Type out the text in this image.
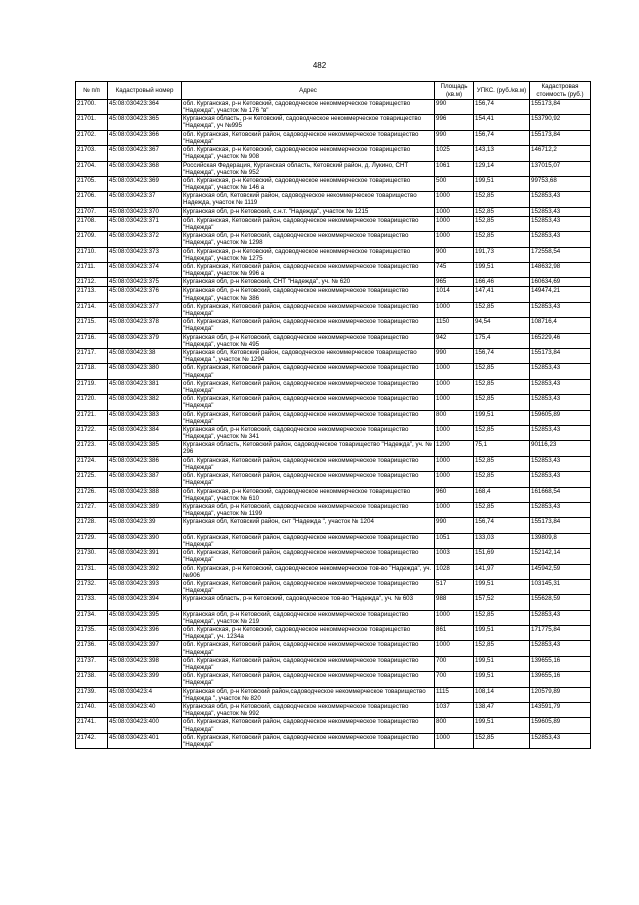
482
№ п/п	Кадастровый номер	Адрес	Площадь (кв.м)	УПКС. (руб./кв.м)	Кадастровая стоимость (руб.)
21700.	45:08:030423:364	обл. Курганская, р-н Кетовский, садоводческое некоммерческое товарищество "Надежда", участок № 176 "в"	990	156,74	155173,84
21701.	45:08:030423:365	Курганская область, р-н Кетовский, садоводческое некоммерческое товарищество "Надежда", уч №995	996	154,41	153790,92
21702.	45:08:030423:366	обл. Курганская, Кетовский район, садоводческое некоммерческое товарищество "Надежда"	990	156,74	155173,84
21703.	45:08:030423:367	обл. Курганская, р-н Кетовский, садоводческое некоммерческое товарищество "Надежда", участок № 908	1025	143,13	146712,2
21704.	45:08:030423:368	Российская Федерация, Курганская область, Кетовский район, д. Лукино, СНТ "Надежда", участок № 952	1061	129,14	137015,07
21705.	45:08:030423:369	обл. Курганская, р-н Кетовский, садоводческое некоммерческое товарищество "Надежда", участок № 146 а	500	199,51	99753,68
21706.	45:08:030423:37	Курганская обл, Кетовский район, садоводческое некоммерческое товарищество Надежда, участок № 1119	1000	152,85	152853,43
21707.	45:08:030423:370	Курганская обл, р-н Кетовский, с.н.т. "Надежда", участок № 1215	1000	152,85	152853,43
21708.	45:08:030423:371	обл. Курганская, Кетовский район, садоводческое некоммерческое товарищество "Надежда"	1000	152,85	152853,43
21709.	45:08:030423:372	Курганская обл, р-н Кетовский, садоводческое некоммерческое товарищество "Надежда", участок № 1298	1000	152,85	152853,43
21710.	45:08:030423:373	обл. Курганская, р-н Кетовский, садоводческое некоммерческое товарищество "Надежда", участок № 1275	900	191,73	172558,54
21711.	45:08:030423:374	обл. Курганская, Кетовский район, садоводческое некоммерческое товарищество "Надежда", участок № 996 а	745	199,51	148632,98
21712.	45:08:030423:375	Курганская обл, р-н Кетовский, СНТ "Надежда", уч. № 620	965	166,46	160634,69
21713.	45:08:030423:376	Курганская обл, р-н Кетовский, садоводческое некоммерческое товарищество "Надежда", участок № 386	1014	147,41	149474,21
21714.	45:08:030423:377	обл. Курганская, Кетовский район, садоводческое некоммерческое товарищество "Надежда"	1000	152,85	152853,43
21715.	45:08:030423:378	обл. Курганская, Кетовский район, садоводческое некоммерческое товарищество "Надежда"	1150	94,54	108716,4
21716.	45:08:030423:379	Курганская обл, р-н Кетовский, садоводческое некоммерческое товарищество "Надежда", участок № 495	942	175,4	165229,46
21717.	45:08:030423:38	Курганская обл, Кетовский район, садоводческое некоммерческое товарищество "Надежда ", участок № 1294	990	156,74	155173,84
21718.	45:08:030423:380	обл. Курганская, Кетовский район, садоводческое некоммерческое товарищество "Надежда"	1000	152,85	152853,43
21719.	45:08:030423:381	обл. Курганская, Кетовский район, садоводческое некоммерческое товарищество "Надежда"	1000	152,85	152853,43
21720.	45:08:030423:382	обл. Курганская, Кетовский район, садоводческое некоммерческое товарищество "Надежда"	1000	152,85	152853,43
21721.	45:08:030423:383	обл. Курганская, Кетовский район, садоводческое некоммерческое товарищество "Надежда"	800	199,51	159605,89
21722.	45:08:030423:384	Курганская обл, р-н Кетовский, садоводческое некоммерческое товарищество "Надежда", участок № 341	1000	152,85	152853,43
21723.	45:08:030423:385	Курганская область, Кетовский район, садоводческое товарищество "Надежда", уч. № 296	1200	75,1	90116,23
21724.	45:08:030423:386	обл. Курганская, Кетовский район, садоводческое некоммерческое товарищество "Надежда"	1000	152,85	152853,43
21725.	45:08:030423:387	обл. Курганская, Кетовский район, садоводческое некоммерческое товарищество "Надежда"	1000	152,85	152853,43
21726.	45:08:030423:388	обл. Курганская, р-н Кетовский, садоводческое некоммерческое товарищество "Надежда", участок № 610	960	168,4	161668,54
21727.	45:08:030423:389	Курганская обл, р-н Кетовский, садоводческое некоммерческое товарищество "Надежда", участок № 1199	1000	152,85	152853,43
21728.	45:08:030423:39	Курганская обл, Кетовский район, снт "Надежда ", участок № 1204	990	156,74	155173,84
21729.	45:08:030423:390	обл. Курганская, Кетовский район, садоводческое некоммерческое товарищество "Надежда"	1051	133,03	139809,8
21730.	45:08:030423:391	обл. Курганская, Кетовский район, садоводческое некоммерческое товарищество "Надежда"	1003	151,69	152142,14
21731.	45:08:030423:392	обл. Курганская, р-н Кетовский, садоводческое некоммерческое тов-во "Надежда", уч. №906	1028	141,97	145942,59
21732.	45:08:030423:393	обл. Курганская, Кетовский район, садоводческое некоммерческое товарищество "Надежда"	517	199,51	103145,31
21733.	45:08:030423:394	Курганская область, р-н Кетовский, садоводческое тов-во "Надежда", уч. № 603	988	157,52	155628,59
21734.	45:08:030423:395	Курганская обл, р-н Кетовский, садоводческое некоммерческое товарищество "Надежда", участок № 219	1000	152,85	152853,43
21735.	45:08:030423:396	обл. Курганская, р-н Кетовский, садоводческое некоммерческое товарищество "Надежда", уч. 1234а	861	199,51	171775,84
21736.	45:08:030423:397	обл. Курганская, Кетовский район, садоводческое некоммерческое товарищество "Надежда"	1000	152,85	152853,43
21737.	45:08:030423:398	обл. Курганская, Кетовский район, садоводческое некоммерческое товарищество "Надежда"	700	199,51	139655,16
21738.	45:08:030423:399	обл. Курганская, Кетовский район, садоводческое некоммерческое товарищество "Надежда"	700	199,51	139655,16
21739.	45:08:030423:4	Курганская обл, р-н Кетовский район,садоводческое некоммерческое товарищество "Надежда ", участок № 820	1115	108,14	120579,89
21740.	45:08:030423:40	Курганская обл, р-н Кетовский, садоводческое некоммерческое товарищество "Надежда", участок № 992	1037	138,47	143591,79
21741.	45:08:030423:400	обл. Курганская, Кетовский район, садоводческое некоммерческое товарищество "Надежда"	800	199,51	159605,89
21742.	45:08:030423:401	обл. Курганская, Кетовский район, садоводческое некоммерческое товарищество "Надежда"	1000	152,85	152853,43
